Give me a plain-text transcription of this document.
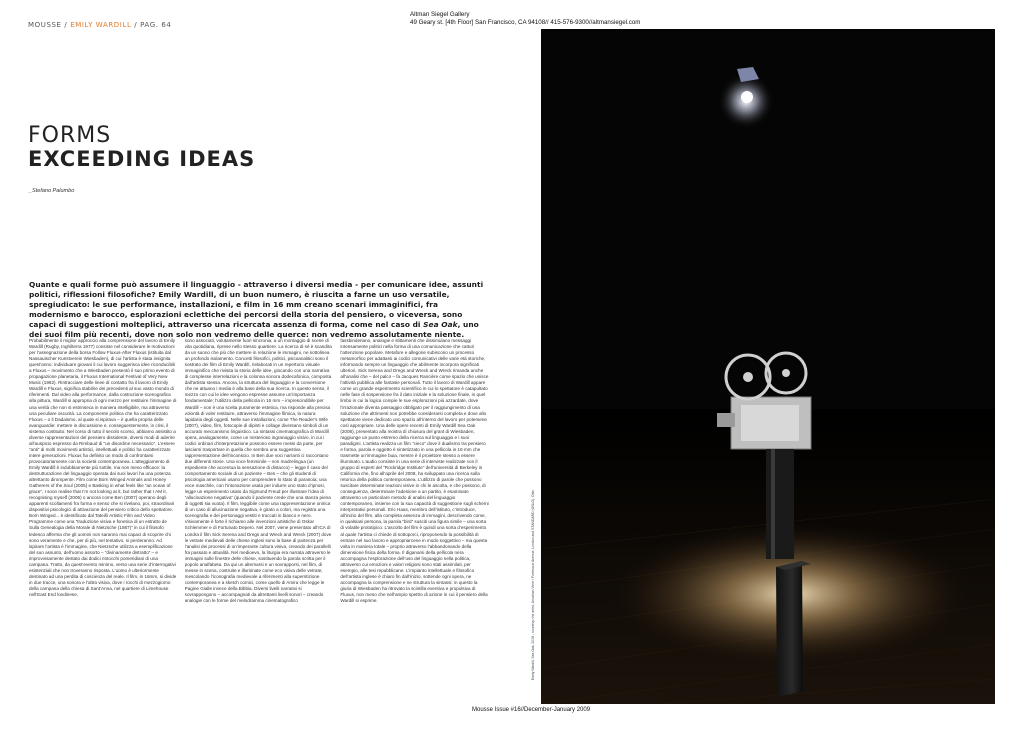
Altman Siegel Gallery
49 Geary st. [4th Floor] San Francisco, CA 94108// 415-576-9300//altmansiegel.com
MOUSSE / EMILY WARDILL / PAG. 64
FORMS
EXCEEDING IDEAS
_Stefano Palumbo
Quante e quali forme può assumere il linguaggio - attraverso i diversi media - per comunicare idee, assunti politici, riflessioni filosofiche? Emily Wardill, di un buon numero, è riuscita a farne un uso versatile, spregiudicato: le sue performance, installazioni, e film in 16 mm creano scenari immaginifici, fra modernismo e barocco, esplorazioni eclettiche dei percorsi della storia del pensiero, o viceversa, sono capaci di suggestioni molteplici, attraverso una ricercata assenza di forma, come nel caso di Sea Oak, uno dei suoi film più recenti, dove non solo non vedremo delle querce: non vedremo assolutamente niente.

Probabilmente il miglior approccio alla comprensione del lavoro di Emily Wardill (Rugby, Inghilterra 1977) consiste nel considerare le motivazioni per l’assegnazione della borsa Follow Fluxus-After Fluxus (istituita dal Nassauischer Kunstverein Wiesbaden), di cui l’artista è stata insignita quest’anno: individuare giovani il cui lavoro suggerisca idee riconducibili a Fluxus – movimento che a Wiesbaden presentò il suo primo evento di propagazione planetaria, il Fluxus International Festival of Very New Music (1962). Rintracciare delle linee di contatto fra il lavoro di Emily Wardill e Fluxus, significa stabilire dei precedenti al suo vasto mondo di riferimenti. Dal video alla performance, dalla costruzione scenografica alla pittura, Wardill si appropria di ogni mezzo per restituire l’immagine di una verità che non si estrinseca in maniera intelligibile, ma attraverso una peculiare oscurità. La componente politica che ha caratterizzato Fluxus – o il Dadaismo, al quale si ispirava – è quella propria delle avanguardie: mettere in discussione e, conseguentemente, in crisi, il sistema costituito. Nel corso di tutto il secolo scorso, abbiamo assistito a diverse rappresentazioni del pensiero dissidente, diversi modi di aderire all’auspicio espresso da Rimbaud di “un disordine necessario”. L’essere “anti” di molti movimenti artistici, intellettuali e politici ha caratterizzato intere generazioni. Fluxus ha definito un modo di confrontarsi provocatoriamente con la società contemporanea. L’atteggiamento di Emily Wardill è indubbiamente più sottile, ma non meno efficace: la destrutturazione del linguaggio operata dai suoi lavori ha una potenza altrettanto dirompente. Film come Born Winged Animals and Honey Gatherers of the Soul (2005) e Basking in what feels like “an ocean of grace”, I soon realise that I’m not looking at it, but rather that I AM it, recognising myself (2006) o ancora come Ben (2007) operano degli apparenti scollamenti fra forma e senso che si rivelano, poi, straordinari dispositivi psicologici di attivazione del pensiero critico dello spettatore. Born Winged... è identificato dal Tateiši Artistic Film and Video Programme come una “traduzione visiva e fonetica di un estratto de Sulla Genealogia della Morale di Nietzsche (1887)” in cui il filosofo tedesco afferma che gli uomini non saranno mai capaci di scoprire chi sono veramente e che, per di più, nel tentativo, si perderanno. Ad ispirare l’artista è l’immagine, che Nietzsche utilizza a esemplificazione del suo assunto, dell’uomo assorto – “divinamente distratto” – e improvvisamente destato dai dodici rintocchi pomeridiani di una campana. Tratto, da quest’evento minimo, verso una serie d’interrogativi esistenziali che non troveranno risposta. L’uomo è ulteriormente destinato ad una perdita di coscienza del reale. Il film, in 16mm, si divide in due tracce, una sonora e l’altra visiva, dove i rocchi di mezzogiorno della campana della chiesa di Sant’Anna, nel quartiere di Limehouse nell’East End londinese,

sono associati, volutamente fuori sincronia, a un montaggio di scene di vita quotidiana, riprese nello stesso quartiere. La ricerca di sé è scandita da un suono che più che mettere in relazione le immagini, ne sottolinea un profondo isolamento. Concetti filosofici, politici, psicoanalitici sono il sostrato dei film di Emily Wardill, rielaborati in un repertorio visuale immaginifico che rivisita la storia delle idee, giocando con una narrativa di complesse interrelazioni e la colonna sonora dodecafonica, composta dall’artista stessa. Ancora, la struttura del linguaggio e la conversione che ne attuano i media è alla base della sua ricerca. In questo senso, il mezzo con cui le idee vengono espresse assume un’importanza fondamentale; l’utilizzo della pellicola in 16 mm – imprescindibile per Wardill – non è una scelta puramente estetica, ma risponde alla precisa volontà di voler restituire, attraverso l’immagine filmica, la natura lapidaria degli oggetti. Nelle sue installazioni, come The Reader’s Wife (2007), video, film, fotocopie di dipinti e collage diventano simboli di un accurato meccanismo linguistico. La sintassi cinematografica di Wardill opera, analogamente, come un misterioso ingranaggio visivo, in cui i codici ordinari d’interpretazione possono essere messi da parte, per lasciarsi trasportare in quella che sembra una suggestiva rappresentazione dell’inconscio. In Ben due voci narranti ci raccontano due differenti storie. Una voce femminile – non madrelingua (un espediente che accentua la sensazione di distacco) – legge il caso del comportamento sociale di un paziente – Ben – che gli studenti di psicologia americani usano per comprendere lo stato di paranoia; una voce maschile, con l’intonazione usata per indurre uno stato d’ipnosi, legge un esperimento usato da Sigmund Freud per illustrare l’idea di “allucinazione negativa” (quando il paziente crede che una stanza piena di oggetti sia vuota). Il film, leggibile come una rappresentazione onirica di un caso di allucinazione negativa, è girato a colori, ma registra una scenografia e dei personaggi vestiti e truccati in bianco e nero. Visivamente è forte il richiamo alle invenzioni artistiche di Oskar Schlemmer e di Fortunato Depero. Nel 2007, viene presentato all’ICA di Londra il film Sick Serena and Dregs and Wreck and Wreck (2007) dove le vetrate medievali delle chiese inglesi sono la base di partenza per l’analisi dei processi di un’imperante cultura visiva, creando dei parallelli fra passato e attualità. Nel medioevo, la liturgia era narrata attraverso le immagini sulle finestre delle chiese, sostituendo la parola scritta per il popolo analfabeta. Da qui un alternarsi e un sovrapporsi, nel film, di messe in scena, costruite e illuminate come eco visiva delle vetrate, mescolando l’iconografia medievale a riferimenti alla superstizione contemporanea e a sketch comici, come quello di Amira che legge le Pagine Gialle invece della Bibbia. Diversi livelli narrativi si sovrappongono – accompagnati da altrettanti livelli sonori – creando analogie con le forme del melodramma cinematografico

fassbinderiano, analogie e slittamenti che dissimulano messaggi intensamente politici nella forma di una comunicazione che catturi l’attenzione popolare. Metafore e allegorie subiscono un processo metamorfico per adattarsi ai codici comunicativi delle varie età storiche, informando sempre un linguaggio che abilmente incorpora significati ulteriori. Sick Serena and Dregs and Wreck and Wreck rimanda anche all’analisi che – del palco – fa Jacques Rancière come spazio che unisce l’attività pubblica alle fantasie personali. Tutto il lavoro di Wardill appare come un grande esperimento scientifico in cui lo spettatore è catapultato nelle fase di sospensione fra il dato iniziale e la soluzione finale, in quel limbo in cui la logica compie le sue esplorazioni più azzardate, dove l’irrazionale diventa passaggio obbligato per il raggiungimento di una soluzione che altrimenti non potrebbe considerarsi completa e dove allo spettatore viene dedicato uno spazio all’interno del lavoro per potersene così appropriare. Una delle opere recenti di Emily Wardill Sea Oak (2008), presentato alla mostra di chiusura del grant di Wiesbaden, raggiunge un punto estremo della ricerca sul linguaggio e i suoi paradigmi. L’artista realizza un film “cieco” dove il dualismo tra pensiero e forma, parola e oggetto è sintetizzato in una pellicola in 16 mm che trasmette un’immagine buia, mentre è il proiettore stesso a essere illuminato. L’audio consiste in una serie di interviste realizzate con il gruppo di esperti del “Rockridge Institute” dell’università di Berkeley in California che, fino all’aprile del 2008, ha sviluppato una ricerca sulla retorica della politica contemporanea. L’utilizzo di parole che possono suscitare determinate reazioni visive in chi le ascolta, e che possono, di conseguenza, determinare l’adesione a un partito, è esaminato attraverso un particolare metodo di analisi del linguaggio contemporaneo, insieme con la sua capacità di suggestione sugli schemi interpretativi personali. Eric Haas, membro dell’istituto, c’introduce, all’inizio del film, alla completa assenza di immagini, descrivendo come, in qualsiasi persona, la parola “bird” susciti una figura simile – una sorta di volatile prototipico. L’ascolto del film è quindi una sorta d’esperimento al quale l’artista ci chiede di sottoporci, riproponendo la possibilità di entrare nel suo lavoro e appropriarcene in modo soggettivo – ma questa volta in maniera totale – proprio attraverso l’abbandonando della dimensione fisica della forma. Il diganarsi della pellicola nera accompagna l’esplorazione dell’uso del linguaggio nella politica, attraverso cui emozioni e valori religiosi sono stati assimilati, per esempio, alle tesi repubblicane. L’impianto intellettuale e filosofico dell’artista inglese è chiaro fin dall’inizio, sottende ogni opera, ne accompagna la comprensione e ne struttura la sintassi: in questo la giuria di Wiesbaden ha ritrovato la scintilla eversiva e propulsiva di Fluxus, non meno che nell’ampio spettro di azione in cui il pensiero della Wardill si esprime.	Emily Wardill, Sea Oak, 2008 - courtesy: the artist, Jonathan Viner / Fortescue Avenue, London and STANDARD (OSLO), Oslo
Mousse Issue #16//December-January 2009
